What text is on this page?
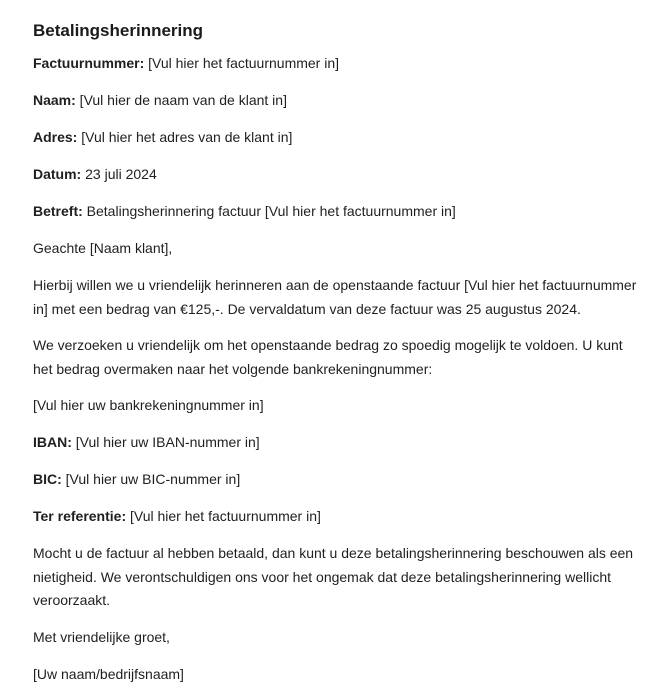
Betalingsherinnering
Factuurnummer: [Vul hier het factuurnummer in]
Naam: [Vul hier de naam van de klant in]
Adres: [Vul hier het adres van de klant in]
Datum: 23 juli 2024
Betreft: Betalingsherinnering factuur [Vul hier het factuurnummer in]
Geachte [Naam klant],
Hierbij willen we u vriendelijk herinneren aan de openstaande factuur [Vul hier het factuurnummer in] met een bedrag van €125,-. De vervaldatum van deze factuur was 25 augustus 2024.
We verzoeken u vriendelijk om het openstaande bedrag zo spoedig mogelijk te voldoen. U kunt het bedrag overmaken naar het volgende bankrekeningnummer:
[Vul hier uw bankrekeningnummer in]
IBAN: [Vul hier uw IBAN-nummer in]
BIC: [Vul hier uw BIC-nummer in]
Ter referentie: [Vul hier het factuurnummer in]
Mocht u de factuur al hebben betaald, dan kunt u deze betalingsherinnering beschouwen als een nietigheid. We verontschuldigen ons voor het ongemak dat deze betalingsherinnering wellicht veroorzaakt.
Met vriendelijke groet,
[Uw naam/bedrijfsnaam]
